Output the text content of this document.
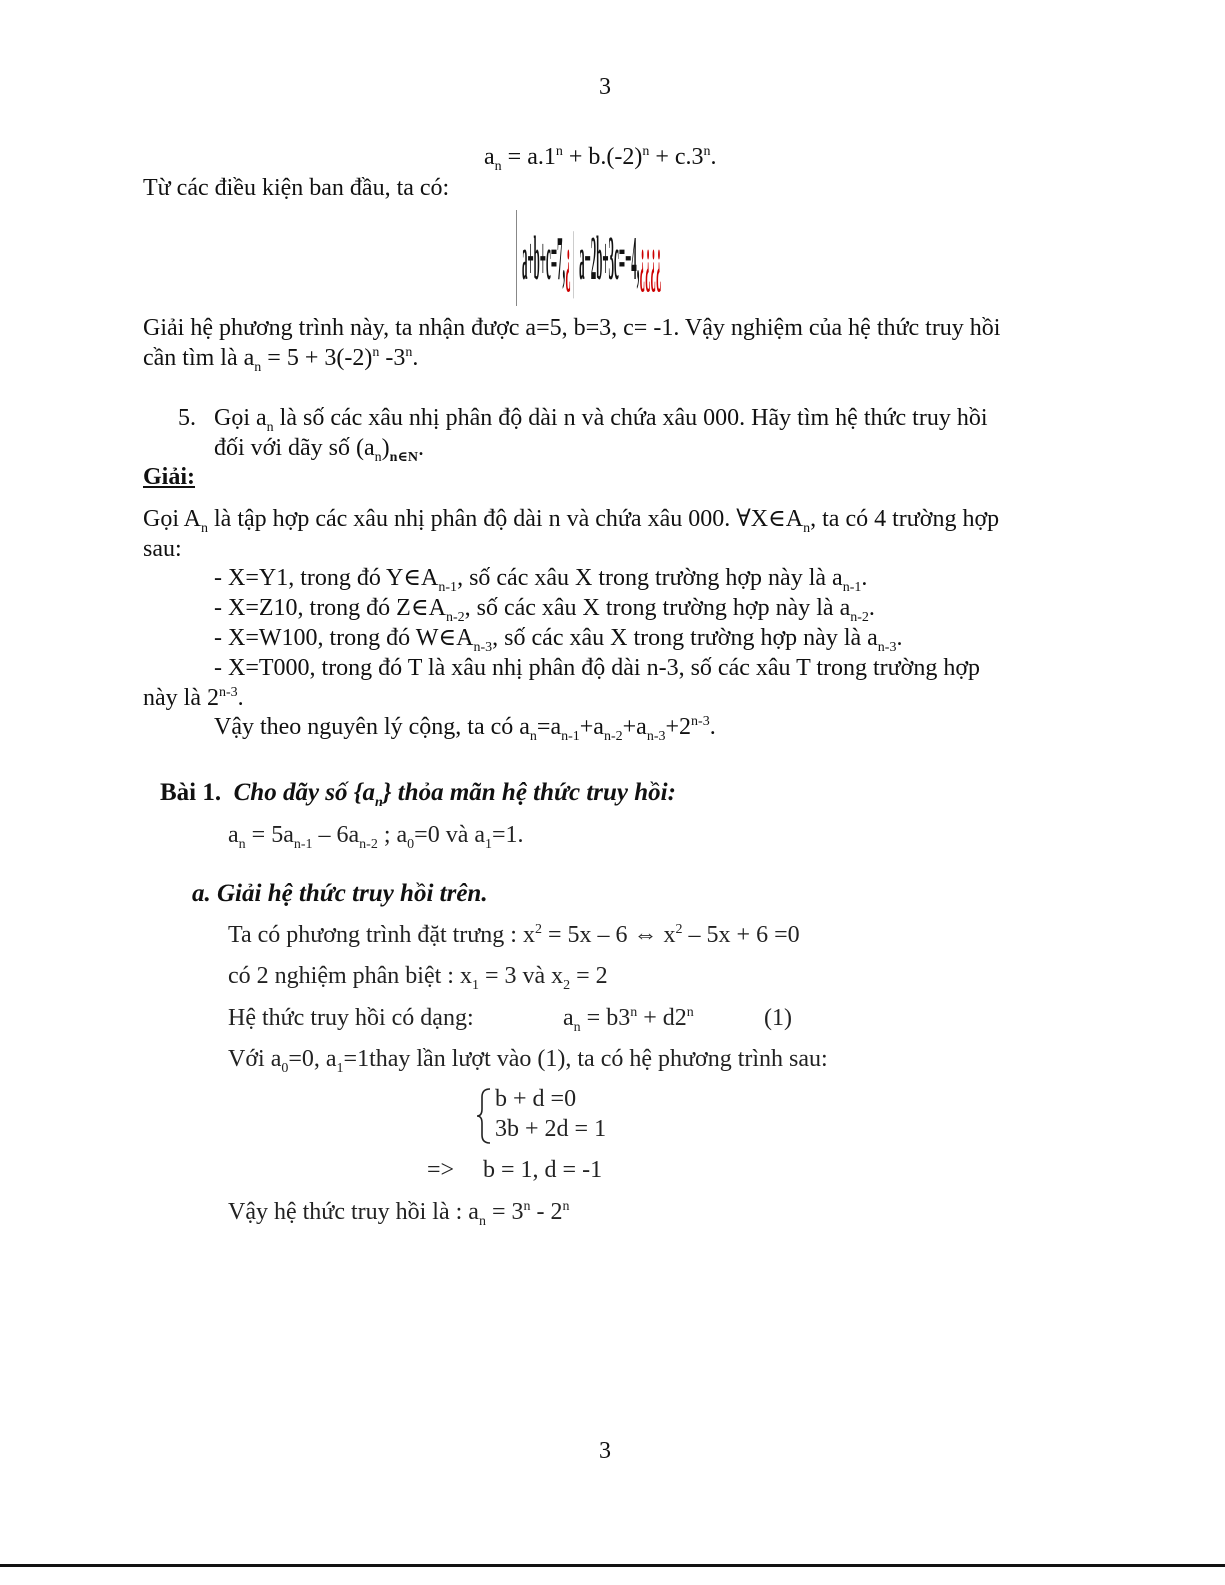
3
$a_n = a.1^n + b.(-2)^n + c.3^n$.
Từ các điều kiện ban đầu, ta có:
a+b+c=7,¿ a−2b+3c=−4,¿¿¿¿
Giải hệ phương trình này, ta nhận được a=5, b=3, c= -1. Vậy nghiệm của hệ thức truy hồi
cần tìm là $a_n = 5 + 3(-2)^n$ -3$^n$.
5. Gọi $a_n$ là số các xâu nhị phân độ dài n và chứa xâu 000. Hãy tìm hệ thức truy hồi
đối với dãy số $(a_n)_{n\in N}$.
Giải:
Gọi $A_n$ là tập hợp các xâu nhị phân độ dài n và chứa xâu 000. $\forall X\in A_n$, ta có 4 trường hợp
sau:
- X=Y1, trong đó $Y\in A_{n-1}$, số các xâu X trong trường hợp này là $a_{n-1}$.
- X=Z10, trong đó $Z\in A_{n-2}$, số các xâu X trong trường hợp này là $a_{n-2}$.
- X=W100, trong đó $W\in A_{n-3}$, số các xâu X trong trường hợp này là $a_{n-3}$.
- X=T000, trong đó T là xâu nhị phân độ dài n-3, số các xâu T trong trường hợp
này là 2$^{n-3}$.
Vậy theo nguyên lý cộng, ta có $a_n=a_{n-1}+a_{n-2}+a_{n-3}+2^{n-3}$.
Bài 1. Cho dãy số $\{a_n\}$ thỏa mãn hệ thức truy hồi:
$a_n = 5a_{n-1} - 6a_{n-2}$ ; $a_0=0$ và $a_1=1$.
a. Giải hệ thức truy hồi trên.
Ta có phương trình đặt trưng : $x^2 = 5x - 6$ ⇔ $x^2 - 5x + 6 =0$
có 2 nghiệm phân biệt : $x_1 = 3$ và $x_2 = 2$
Hệ thức truy hồi có dạng:	$a_n = b3^n + d2^n$	(1)
Với $a_0=0$, $a_1=1thay$ lần lượt vào (1), ta có hệ phương trình sau:
b + d =0
3b + 2d = 1
=> b = 1, d = -1
Vậy hệ thức truy hồi là : $a_n = 3^n - 2^n$
3
